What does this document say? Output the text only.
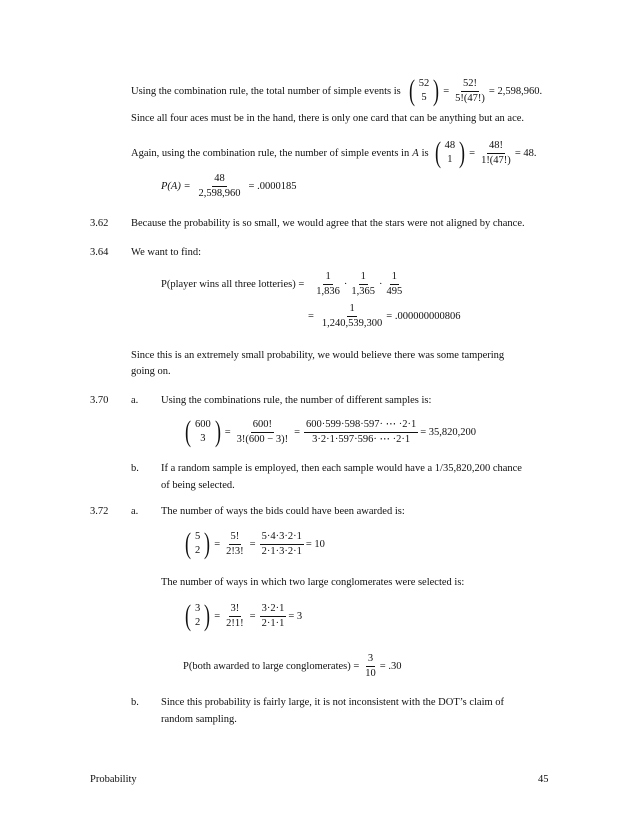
Using the combination rule, the total number of simple events is ( 52
5 ) = $\frac{52!}{5!(47!)} = 2,598,960$.
Since all four aces must be in the hand, there is only one card that can be anything but an ace.
Again, using the combination rule, the number of simple events in A is ( 48
1 ) = $\frac{48!}{1!(47!)} = 48$.
$P(A) = \frac{48}{2,598,960} = .0000185$
3.62 Because the probability is so small, we would agree that the stars were not aligned by chance.
3.64 We want to find:
P(player wins all three lotteries) = $\frac{1}{1,836} \cdot \frac{1}{1,365} \cdot \frac{1}{495}$
= $\frac{1}{1,240,539,300} = .000000000806$
Since this is an extremely small probability, we would believe there was some tampering
going on.
3.70 a. Using the combinations rule, the number of different samples is:
( 600
3 ) = $\frac{600!}{3!(600 - 3)!} = \frac{600\cdot 599\cdot 598\cdot 597\cdot \cdots \cdot 2\cdot 1}{3\cdot 2\cdot 1\cdot 597\cdot 596\cdot \cdots \cdot 2\cdot 1} = 35,820,200$
b. If a random sample is employed, then each sample would have a 1/35,820,200 chance
of being selected.
3.72 a. The number of ways the bids could have been awarded is:
( 5
2 ) = $\frac{5!}{2!3!} = \frac{5\cdot 4\cdot 3\cdot 2\cdot 1}{2\cdot 1\cdot 3\cdot 2\cdot 1} = 10$
The number of ways in which two large conglomerates were selected is:
( 3
2 ) = $\frac{3!}{2!1!} = \frac{3\cdot 2\cdot 1}{2\cdot 1\cdot 1} = 3$
P(both awarded to large conglomerates) = $\frac{3}{10} = .30$
b. Since this probability is fairly large, it is not inconsistent with the DOT’s claim of
random sampling.
Probability	45
